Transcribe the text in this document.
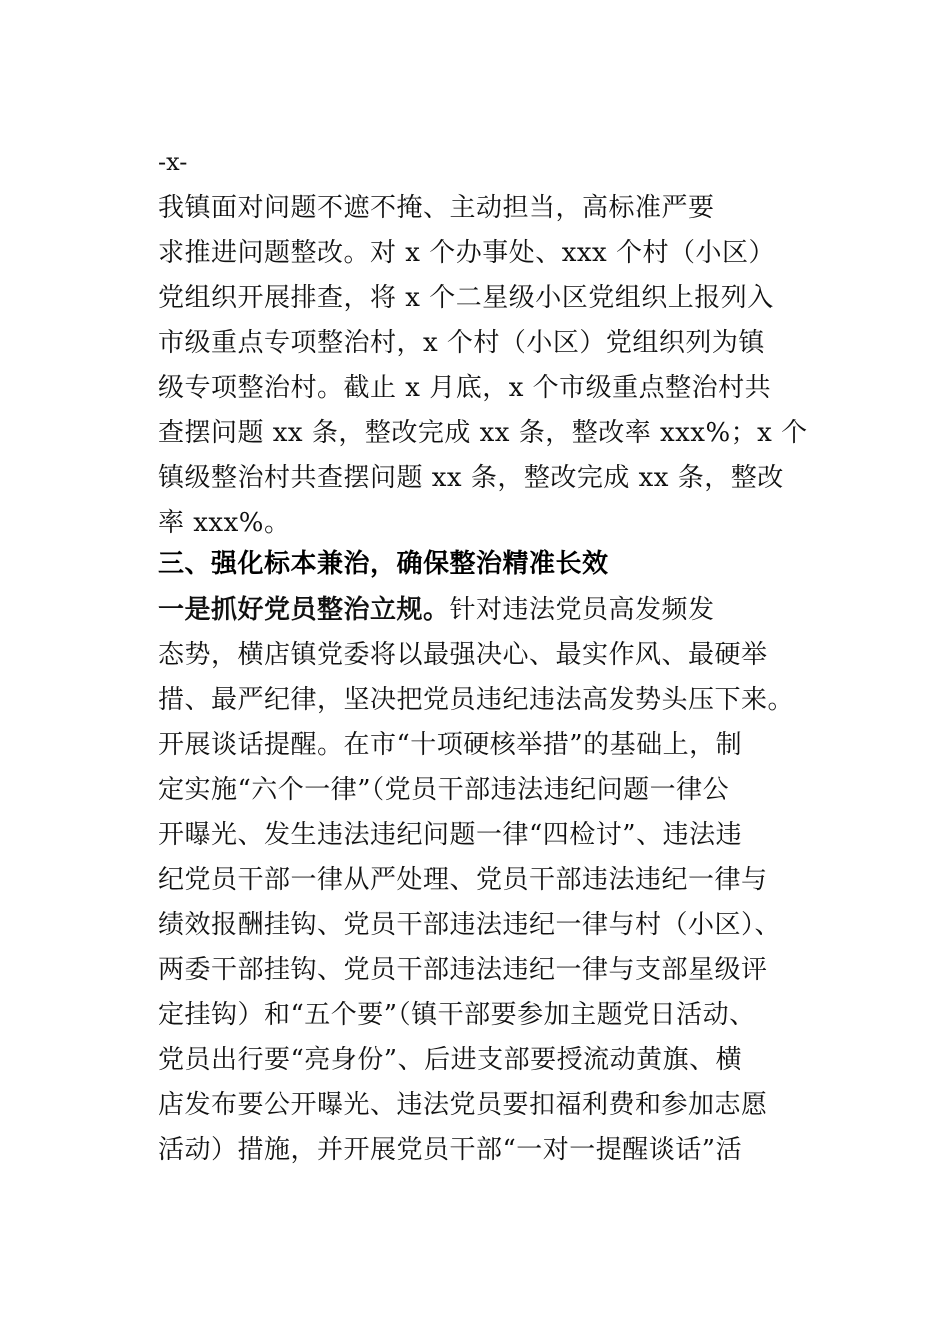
-x-

我镇面对问题不遮不掩、主动担当，高标准严要

求推进问题整改。对 x 个办事处、xxx 个村（小区）

党组织开展排查，将 x 个二星级小区党组织上报列入

市级重点专项整治村，x 个村（小区）党组织列为镇

级专项整治村。截止 x 月底，x 个市级重点整治村共

查摆问题 xx 条，整改完成 xx 条，整改率 xxx%；x 个

镇级整治村共查摆问题 xx 条，整改完成 xx 条，整改

率 xxx%。

三、强化标本兼治，确保整治精准长效

一是抓好党员整治立规。针对违法党员高发频发

态势，横店镇党委将以最强决心、最实作风、最硬举

措、最严纪律，坚决把党员违纪违法高发势头压下来。

开展谈话提醒。在市“十项硬核举措”的基础上，制

定实施“六个一律”（党员干部违法违纪问题一律公

开曝光、发生违法违纪问题一律“四检讨”、违法违

纪党员干部一律从严处理、党员干部违法违纪一律与

绩效报酬挂钩、党员干部违法违纪一律与村（小区）、

两委干部挂钩、党员干部违法违纪一律与支部星级评

定挂钩）和“五个要”（镇干部要参加主题党日活动、

党员出行要“亮身份”、后进支部要授流动黄旗、横

店发布要公开曝光、违法党员要扣福利费和参加志愿

活动）措施，并开展党员干部“一对一提醒谈话”活
